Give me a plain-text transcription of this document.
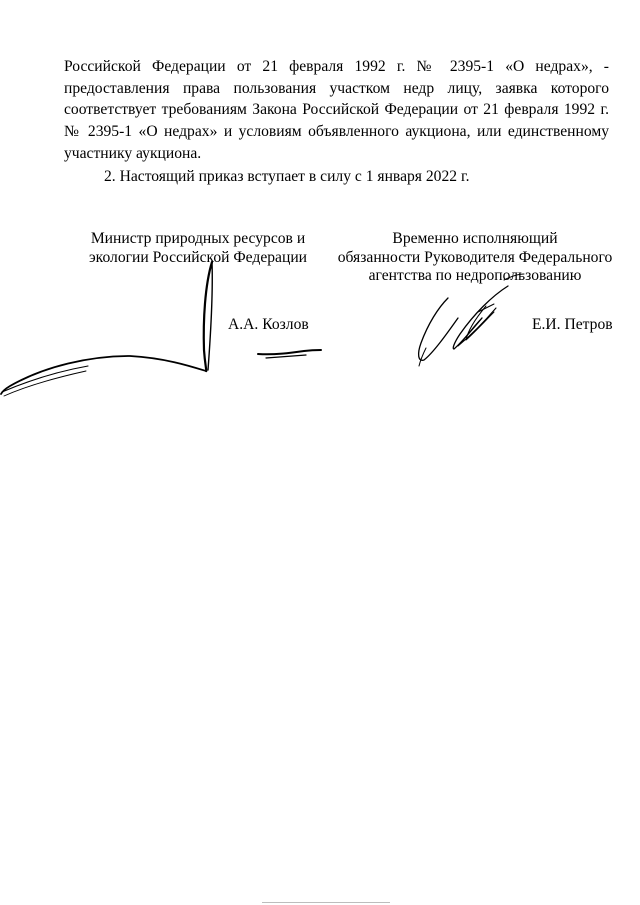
Российской Федерации от 21 февраля 1992 г. № 2395-1 «О недрах», - предоставления права пользования участком недр лицу, заявка которого соответствует требованиям Закона Российской Федерации от 21 февраля 1992 г. № 2395-1 «О недрах» и условиям объявленного аукциона, или единственному участнику аукциона.

2. Настоящий приказ вступает в силу с 1 января 2022 г.

Министр природных ресурсов и
экологии Российской Федерации
Временно исполняющий
обязанности Руководителя Федерального
агентства по недропользованию
А.А. Козлов	Е.И. Петров
